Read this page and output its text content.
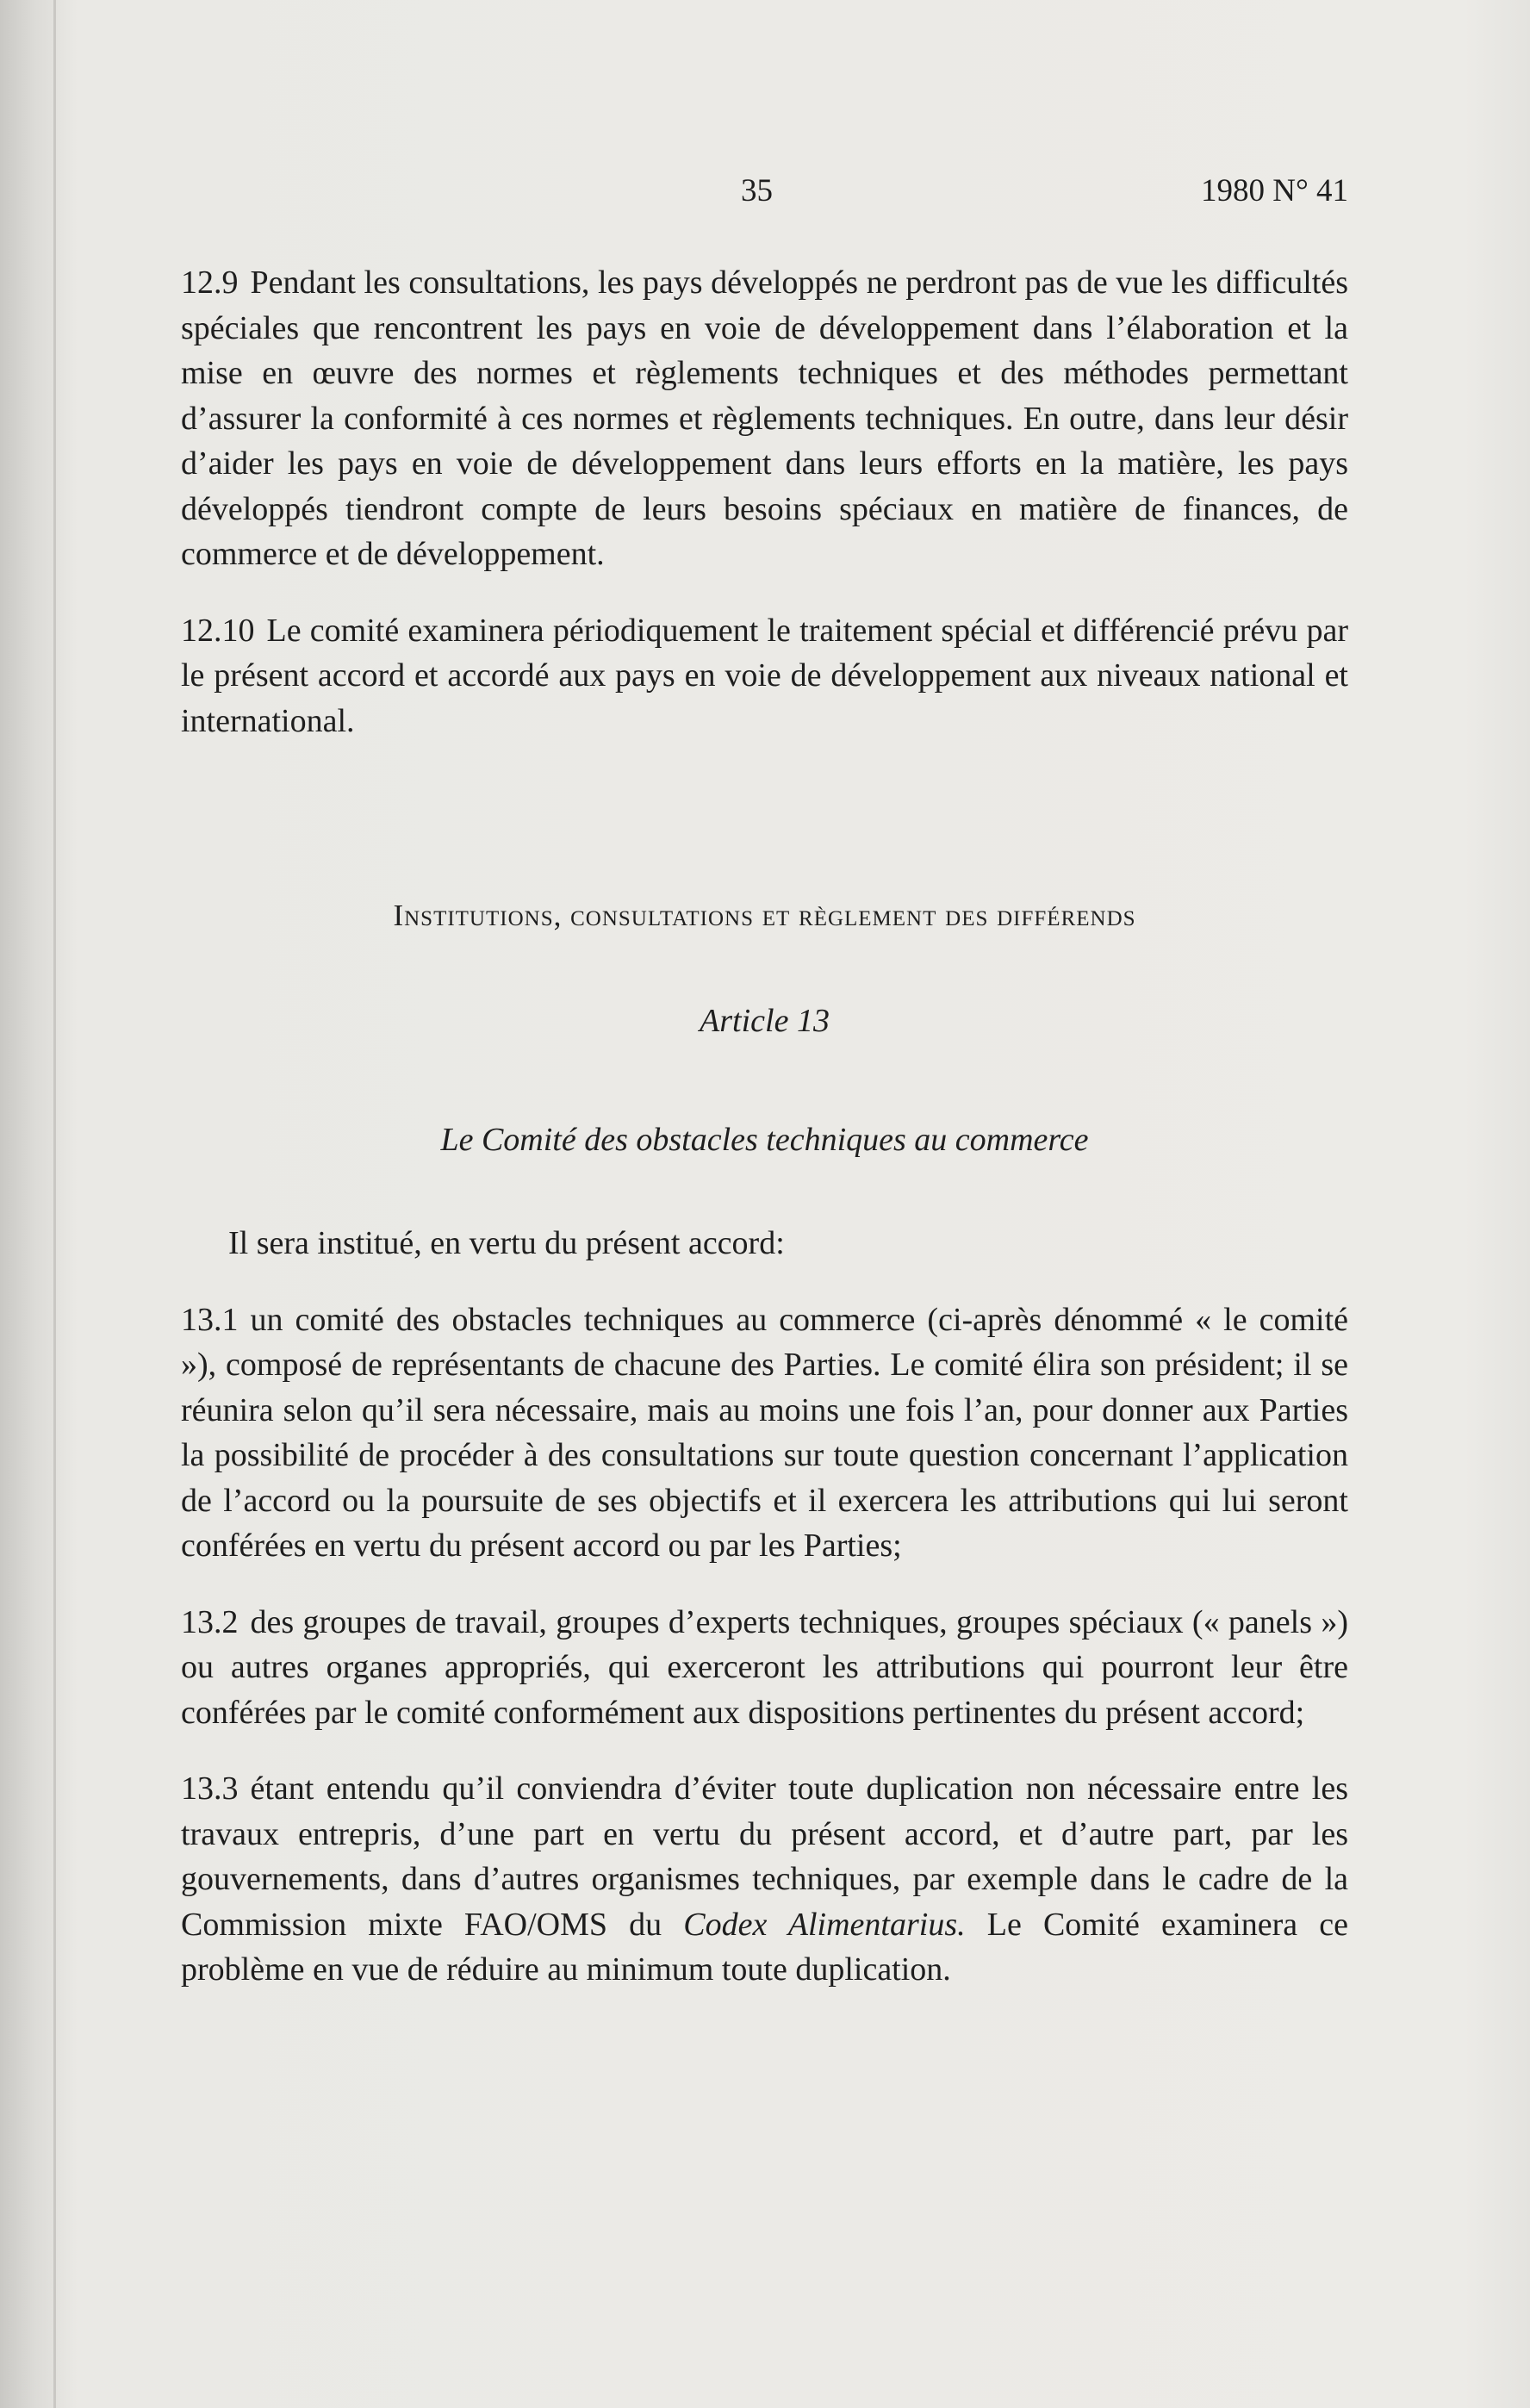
35	1980 N° 41

12.9 Pendant les consultations, les pays développés ne perdront pas de vue les difficultés spéciales que rencontrent les pays en voie de développement dans l’élaboration et la mise en œuvre des normes et règlements techniques et des méthodes permettant d’assurer la conformité à ces normes et règlements techniques. En outre, dans leur désir d’aider les pays en voie de développement dans leurs efforts en la matière, les pays développés tiendront compte de leurs besoins spéciaux en matière de finances, de commerce et de développement.

12.10 Le comité examinera périodiquement le traitement spécial et différencié prévu par le présent accord et accordé aux pays en voie de développement aux niveaux national et international.

Institutions, consultations et règlement des différends
Article 13
Le Comité des obstacles techniques au commerce

Il sera institué, en vertu du présent accord:

13.1 un comité des obstacles techniques au commerce (ci-après dénommé « le comité »), composé de représentants de chacune des Parties. Le comité élira son président; il se réunira selon qu’il sera nécessaire, mais au moins une fois l’an, pour donner aux Parties la possibilité de procéder à des consultations sur toute question concernant l’application de l’accord ou la poursuite de ses objectifs et il exercera les attributions qui lui seront conférées en vertu du présent accord ou par les Parties;

13.2 des groupes de travail, groupes d’experts techniques, groupes spéciaux (« panels ») ou autres organes appropriés, qui exerceront les attributions qui pourront leur être conférées par le comité conformément aux dispositions pertinentes du présent accord;

13.3 étant entendu qu’il conviendra d’éviter toute duplication non nécessaire entre les travaux entrepris, d’une part en vertu du présent accord, et d’autre part, par les gouvernements, dans d’autres organismes techniques, par exemple dans le cadre de la Commission mixte FAO/OMS du Codex Alimentarius. Le Comité examinera ce problème en vue de réduire au minimum toute duplication.
